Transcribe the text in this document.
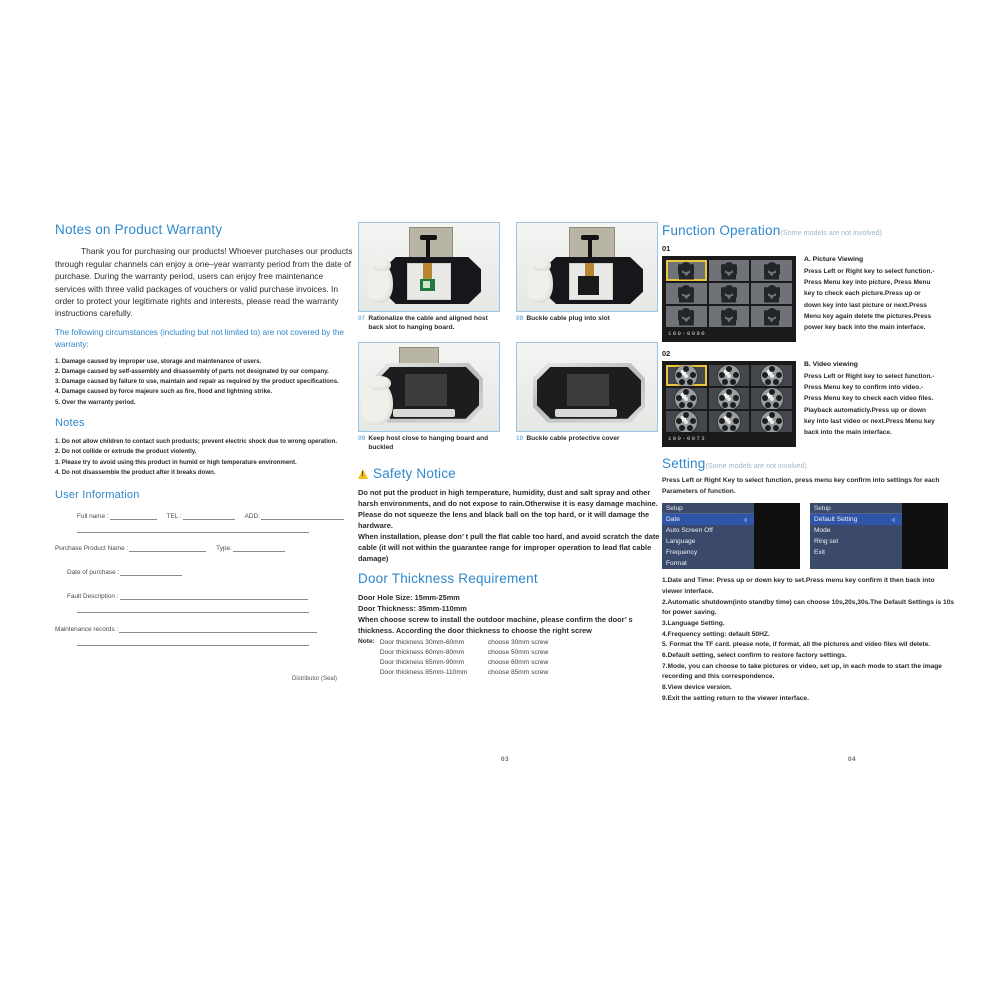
Notes on Product Warranty

Thank you for purchasing our products! Whoever purchases our products through regular channels can enjoy a one–year warranty period from the date of purchase. During the warranty period, users can enjoy free maintenance services with three valid packages of vouchers or valid purchase invoices. In order to protect your legitimate rights and interests, please read the warranty instructions carefully.

The following circumstances (including but not limited to) are not covered by the warranty:

1. Damage caused by improper use, storage and maintenance of users.
2. Damage caused by self-assembly and disassembly of parts not designated by our company.
3. Damage caused by failure to use, maintain and repair as required by the product specifications.
4. Damage caused by force majeure such as fire, flood and lightning strike.
5. Over the warranty period.
Notes
1. Do not allow children to contact such products; prevent electric shock due to wrong operation.
2. Do not collide or extrude the product violently.
3. Please try to avoid using this product in humid or high temperature environment.
4. Do not disassemble the product after it breaks down.
User Information
Full name :	TEL :	ADD:
Purchase Product Name :	Type:
Date of purchase :
Fault Description :
Maintenance records :
Distributor (Seal)
07 Rationalize the cable and aligned host back slot to hanging board.
08 Buckle cable plug into slot
09 Keep host close to hanging board and buckled
10 Buckle cable protective cover
!
Safety Notice

Do not put the product in high temperature, humidity, dust and salt spray and other harsh environments, and do not expose to rain.Otherwise it is easy damage machine.

Please do not squeeze the lens and black ball on the top hard, or it will damage the hardware.

When installation, please don’ t pull the flat cable too hard, and avoid scratch the date cable (it will not within the guarantee range for improper operation to lead flat cable damage)

Door Thickness Requirement

Door Hole Size: 15mm-25mm

Door Thickness: 35mm-110mm

When choose screw to install the outdoor machine, please confirm the door’ s thickness. According the door thickness to choose the right screw

Note: Door thickness 30mm-60mm	choose 30mm screw
Door thickness 60mm-80mm	choose 50mm screw
Door thickness 65mm-90mm	choose 60mm screw
Door thickness 85mm-110mm	choose 85mm screw
Function Operation(Some models are not involved)
01
100-0090
A. Picture Viewing
Press Left or Right key to select function.-
Press Menu key into picture, Press Menu
key to check each picture.Press up or
down key into last picture or next.Press
Menu key again delete the pictures.Press
power key back into the main interface.
02
100-0073
B. Video viewing
Press Left or Right key to select function.-
Press Menu key to confirm into video.-
Press Menu key to check each video files.
Playback automaticly.Press up or down
key into last video or next.Press Menu key
back into the main interface.
Setting(Some models are not involved)

Press Left or Right Key to select function, press menu key confirm into settings for each Parameters of function.

Setup
Date
Auto Screen Off
Language
Frequency
Format
Setup
Default Setting
Mode
Ring set
Exit

1.Date and Time: Press up or down key to set.Press menu key confirm it then back into viewer interface.

2.Automatic shutdown(into standby time) can choose 10s,20s,30s.The Default Settings is 10s for power saving.

3.Language Setting.

4.Frequency setting: default 50HZ.

5. Format the TF card. please note, if format, all the pictures and video files wil delete.

6.Default setting, select confirm to restore factory settings.

7.Mode, you can choose to take pictures or video, set up, in each mode to start the image recording and this correspondence.

8.View device version.

9.Exit the setting return to the viewer interface.

03	04
